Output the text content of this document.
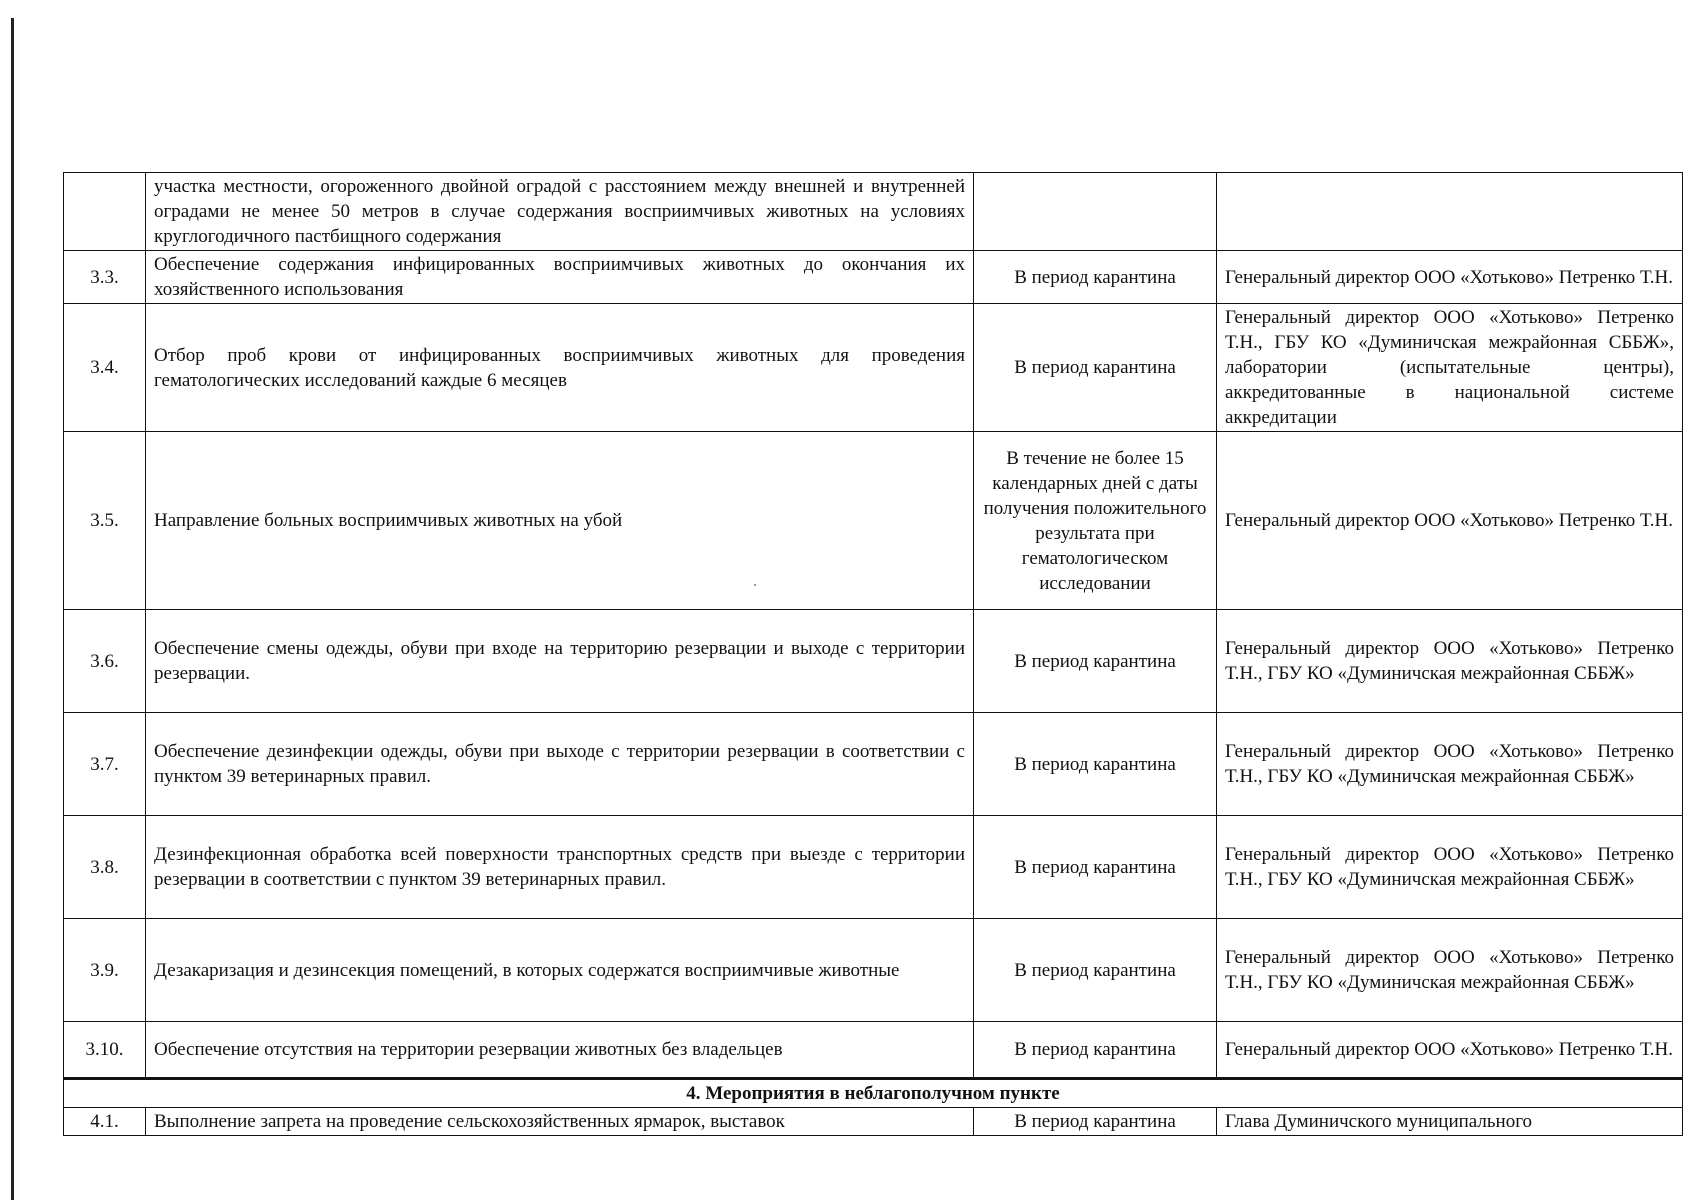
	участка местности, огороженного двойной оградой с расстоянием между внешней и внутренней оградами не менее 50 метров в случае содержания восприимчивых животных на условиях круглогодичного пастбищного содержания		
3.3.	Обеспечение содержания инфицированных восприимчивых животных до окончания их хозяйственного использования	В период карантина	Генеральный директор ООО «Хотьково» Петренко Т.Н.
3.4.	Отбор проб крови от инфицированных восприимчивых животных для проведения гематологических исследований каждые 6 месяцев	В период карантина	Генеральный директор ООО «Хотьково» Петренко Т.Н., ГБУ КО «Думиничская межрайонная СББЖ», лаборатории (испытательные центры), аккредитованные в национальной системе аккредитации
3.5.	Направление больных восприимчивых животных на убой	В течение не более 15 календарных дней с даты получения положительного результата при гематологическом исследовании	Генеральный директор ООО «Хотьково» Петренко Т.Н.
3.6.	Обеспечение смены одежды, обуви при входе на территорию резервации и выходе с территории резервации.	В период карантина	Генеральный директор ООО «Хотьково» Петренко Т.Н., ГБУ КО «Думиничская межрайонная СББЖ»
3.7.	Обеспечение дезинфекции одежды, обуви при выходе с территории резервации в соответствии с пунктом 39 ветеринарных правил.	В период карантина	Генеральный директор ООО «Хотьково» Петренко Т.Н., ГБУ КО «Думиничская межрайонная СББЖ»
3.8.	Дезинфекционная обработка всей поверхности транспортных средств при выезде с территории резервации в соответствии с пунктом 39 ветеринарных правил.	В период карантина	Генеральный директор ООО «Хотьково» Петренко Т.Н., ГБУ КО «Думиничская межрайонная СББЖ»
3.9.	Дезакаризация и дезинсекция помещений, в которых содержатся восприимчивые животные	В период карантина	Генеральный директор ООО «Хотьково» Петренко Т.Н., ГБУ КО «Думиничская межрайонная СББЖ»
3.10.	Обеспечение отсутствия на территории резервации животных без владельцев	В период карантина	Генеральный директор ООО «Хотьково» Петренко Т.Н.
4. Мероприятия в неблагополучном пункте			
4.1.	Выполнение запрета на проведение сельскохозяйственных ярмарок, выставок	В период карантина	Глава Думиничского муниципального
